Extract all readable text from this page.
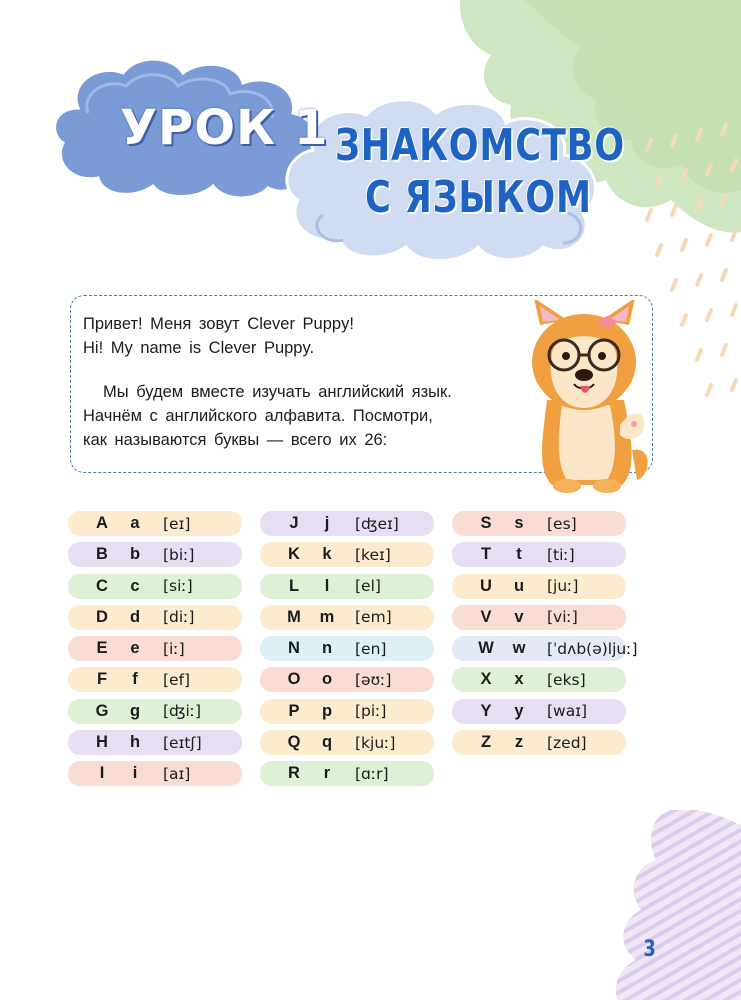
УРОК 1 ЗНАКОМСТВО
С ЯЗЫКОМ

Привет! Меня зовут Clever Puppy!

Hi! My name is Clever Puppy.

Мы будем вместе изучать английский язык.

Начнём с английского алфавита. Посмотри,

как называются буквы — всего их 26:

A a [eɪ]
B b [biː]
C c [siː]
D d [diː]
E e [iː]
F	f	[ef]
G g [ʤiː]
H h [eɪtʃ]
I	i	[aɪ]
J	j	[ʤeɪ]
K k [keɪ]
L	l	[el]
M m [em]
N n [en]
O o [əʊː]
P p [piː]
Q q [kjuː]
R	r	[ɑːr]
S s [es]
T	t	[tiː]
U u [juː]
V v [viː]
W w [ˈdʌb(ə)ljuː]
X x [eks]
Y y [waɪ]
Z	z	[zed]
3
